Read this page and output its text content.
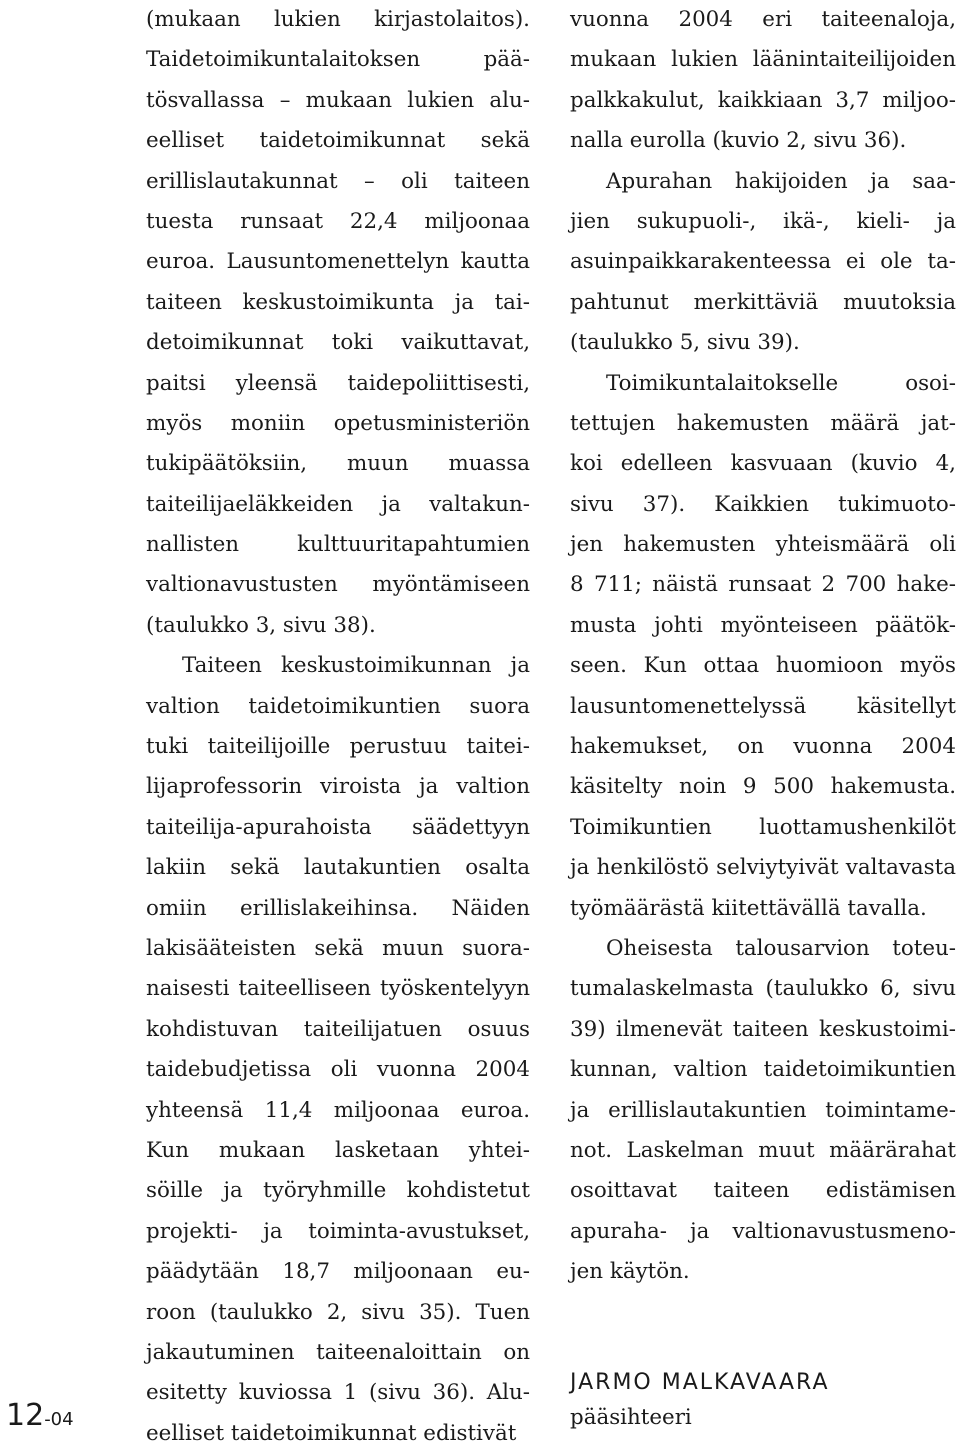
(mukaan lukien kirjastolaitos).
Taidetoimikuntalaitoksen pää-
tösvallassa – mukaan lukien alu-
eelliset taidetoimikunnat sekä
erillislautakunnat – oli taiteen
tuesta runsaat 22,4 miljoonaa
euroa. Lausuntomenettelyn kautta
taiteen keskustoimikunta ja tai-
detoimikunnat toki vaikuttavat,
paitsi yleensä taidepoliittisesti,
myös moniin opetusministeriön
tukipäätöksiin, muun muassa
taiteilijaeläkkeiden ja valtakun-
nallisten kulttuuritapahtumien
valtionavustusten myöntämiseen
(taulukko 3, sivu 38).
Taiteen keskustoimikunnan ja
valtion taidetoimikuntien suora
tuki taiteilijoille perustuu taitei-
lijaprofessorin viroista ja valtion
taiteilija-apurahoista säädettyyn
lakiin sekä lautakuntien osalta
omiin erillislakeihinsa. Näiden
lakisääteisten sekä muun suora-
naisesti taiteelliseen työskentelyyn
kohdistuvan taiteilijatuen osuus
taidebudjetissa oli vuonna 2004
yhteensä 11,4 miljoonaa euroa.
Kun mukaan lasketaan yhtei-
söille ja työryhmille kohdistetut
projekti- ja toiminta-avustukset,
päädytään 18,7 miljoonaan eu-
roon (taulukko 2, sivu 35). Tuen
jakautuminen taiteenaloittain on
esitetty kuviossa 1 (sivu 36). Alu-
eelliset taidetoimikunnat edistivät
vuonna 2004 eri taiteenaloja,
mukaan lukien läänintaiteilijoiden
palkkakulut, kaikkiaan 3,7 miljoo-
nalla eurolla (kuvio 2, sivu 36).
Apurahan hakijoiden ja saa-
jien sukupuoli-, ikä-, kieli- ja
asuinpaikkarakenteessa ei ole ta-
pahtunut merkittäviä muutoksia
(taulukko 5, sivu 39).
Toimikuntalaitokselle osoi-
tettujen hakemusten määrä jat-
koi edelleen kasvuaan (kuvio 4,
sivu 37). Kaikkien tukimuoto-
jen hakemusten yhteismäärä oli
8 711; näistä runsaat 2 700 hake-
musta johti myönteiseen päätök-
seen. Kun ottaa huomioon myös
lausuntomenettelyssä käsitellyt
hakemukset, on vuonna 2004
käsitelty noin 9 500 hakemusta.
Toimikuntien luottamushenkilöt
ja henkilöstö selviytyivät valtavasta
työmäärästä kiitettävällä tavalla.
Oheisesta talousarvion toteu-
tumalaskelmasta (taulukko 6, sivu
39) ilmenevät taiteen keskustoimi-
kunnan, valtion taidetoimikuntien
ja erillislautakuntien toimintame-
not. Laskelman muut määrärahat
osoittavat taiteen edistämisen
apuraha- ja valtionavustusmeno-
jen käytön.
JARMO MALKAVAARA
pääsihteeri
12-04
